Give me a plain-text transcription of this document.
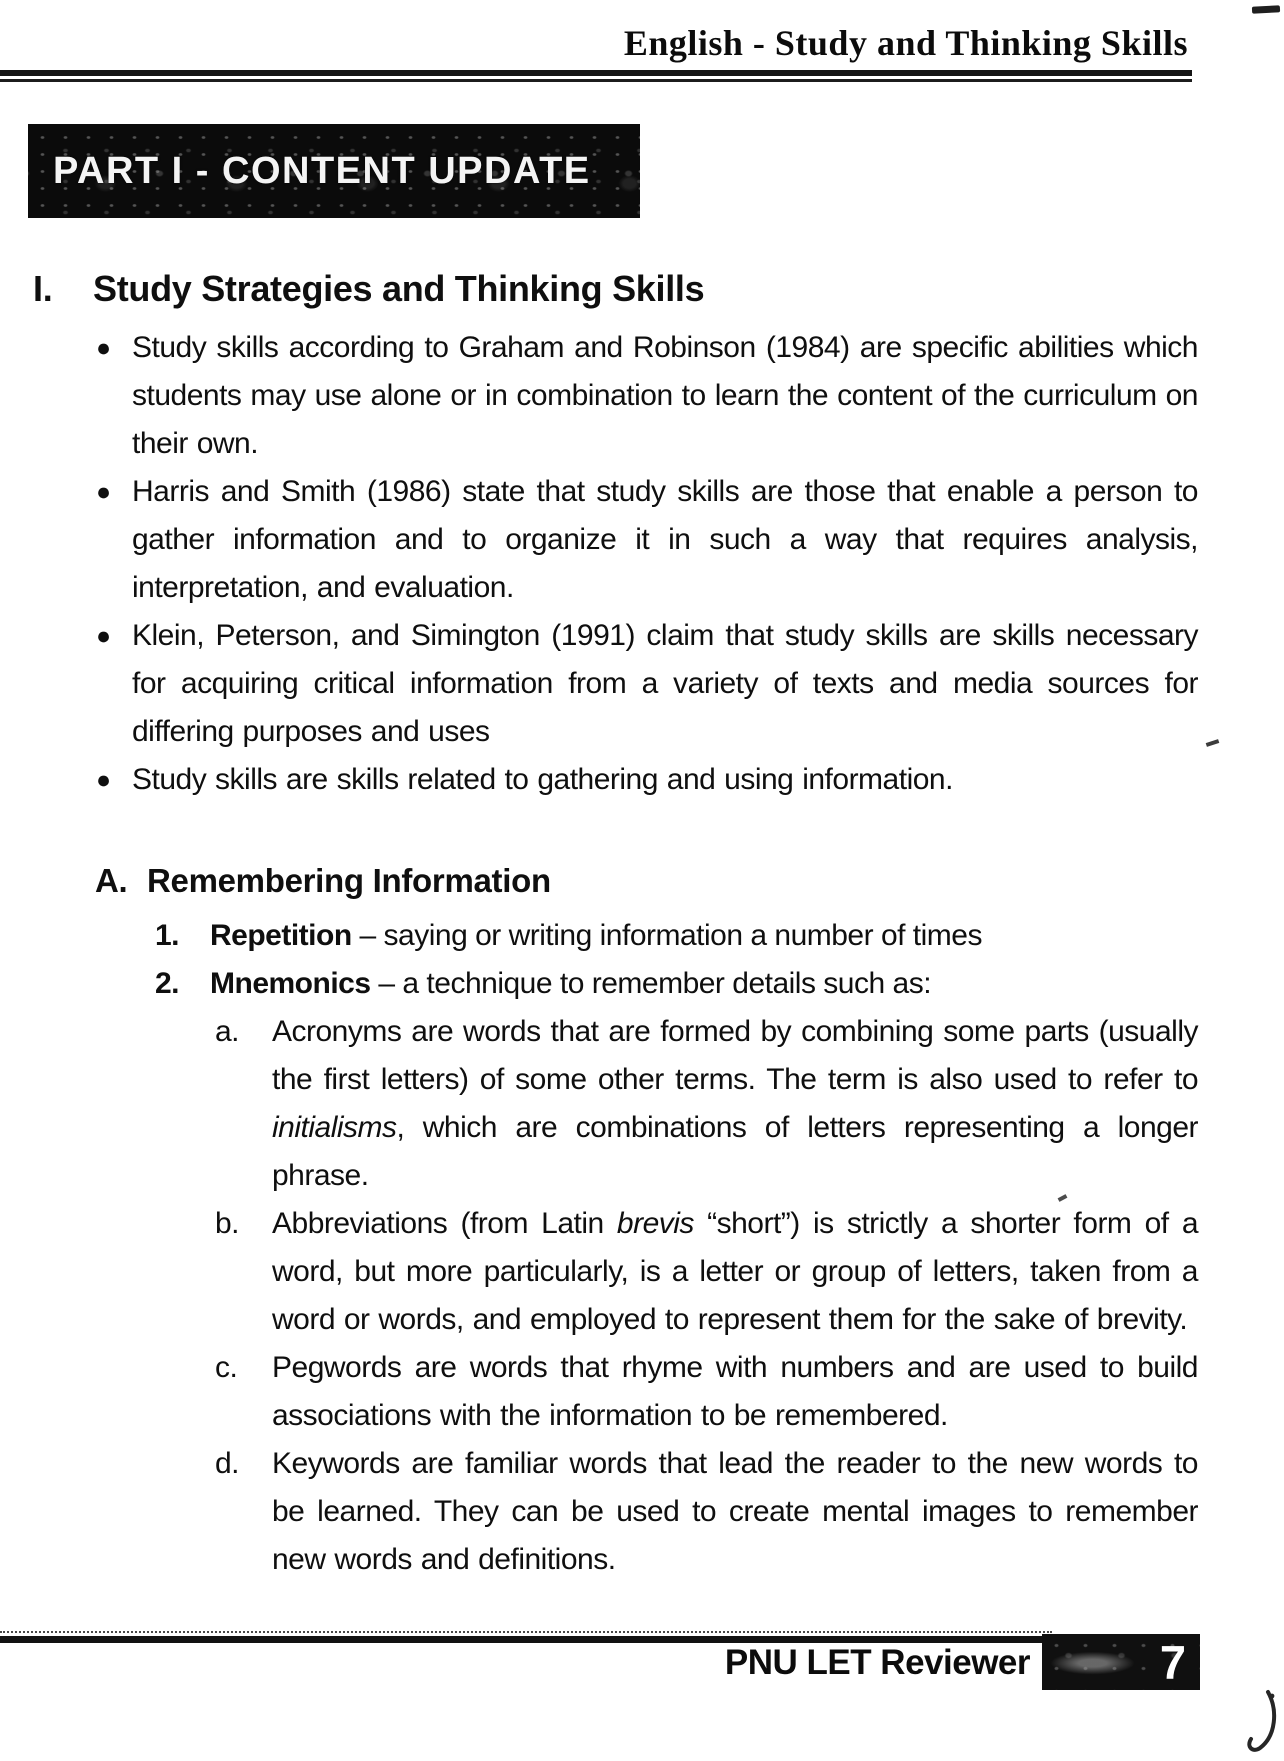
English - Study and Thinking Skills
PART I - CONTENT UPDATE
I.	Study Strategies and Thinking Skills
● Study skills according to Graham and Robinson (1984) are specific abilities which students may use alone or in combination to learn the content of the curriculum on their own.

● Harris and Smith (1986) state that study skills are those that enable a person to gather information and to organize it in such a way that requires analysis, interpretation, and evaluation.

● Klein, Peterson, and Simington (1991) claim that study skills are skills necessary for acquiring critical information from a variety of texts and media sources for differing purposes and uses

● Study skills are skills related to gathering and using information.

A. Remembering Information
1.	Repetition – saying or writing information a number of times

2.	Mnemonics – a technique to remember details such as:

a.	Acronyms are words that are formed by combining some parts (usually the first letters) of some other terms. The term is also used to refer to initialisms, which are combinations of letters representing a longer phrase.

b.	Abbreviations (from Latin brevis “short”) is strictly a shorter form of a word, but more particularly, is a letter or group of letters, taken from a word or words, and employed to represent them for the sake of brevity.

c.	Pegwords are words that rhyme with numbers and are used to build associations with the information to be remembered.

d.	Keywords are familiar words that lead the reader to the new words to be learned. They can be used to create mental images to remember new words and definitions.

PNU LET Reviewer	7
